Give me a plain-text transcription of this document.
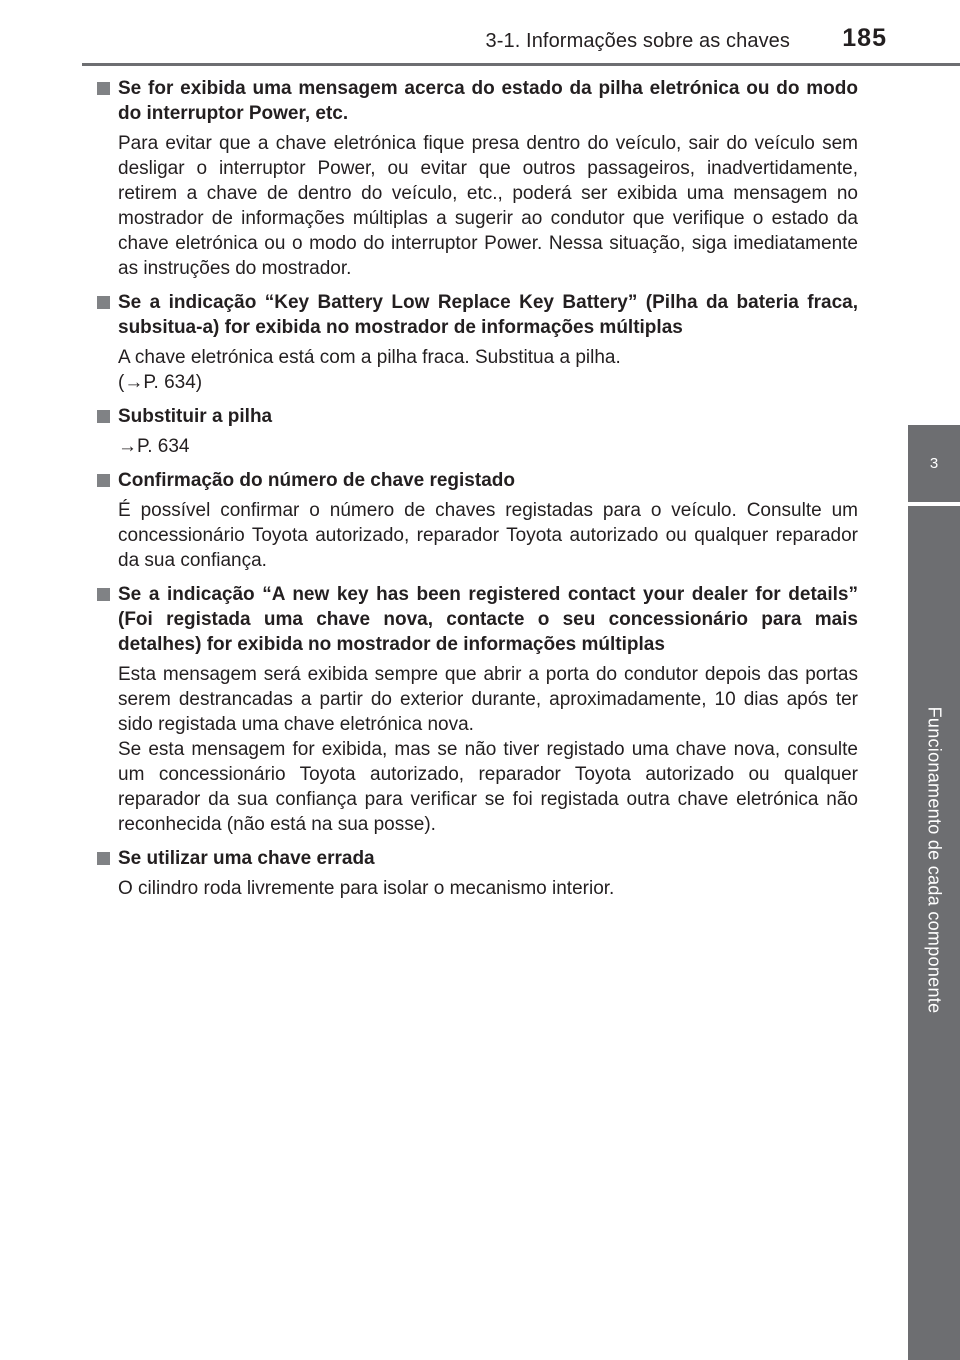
3-1. Informações sobre as chaves 185
3
Funcionamento de cada componente
Se for exibida uma mensagem acerca do estado da pilha eletrónica ou do modo do interruptor Power, etc.

Para evitar que a chave eletrónica fique presa dentro do veículo, sair do veículo sem desligar o interruptor Power, ou evitar que outros passageiros, inadvertidamente, retirem a chave de dentro do veículo, etc., poderá ser exibida uma mensagem no mostrador de informações múltiplas a sugerir ao condutor que verifique o estado da chave eletrónica ou o modo do interruptor Power. Nessa situação, siga imediatamente as instruções do mostrador.

Se a indicação “Key Battery Low Replace Key Battery” (Pilha da bateria fraca, subsitua-a) for exibida no mostrador de informações múltiplas

A chave eletrónica está com a pilha fraca. Substitua a pilha.

(→P. 634)

Substituir a pilha

→P. 634

Confirmação do número de chave registado

É possível confirmar o número de chaves registadas para o veículo. Consulte um concessionário Toyota autorizado, reparador Toyota autorizado ou qualquer reparador da sua confiança.

Se a indicação “A new key has been registered contact your dealer for details” (Foi registada uma chave nova, contacte o seu concessionário para mais detalhes) for exibida no mostrador de informações múltiplas

Esta mensagem será exibida sempre que abrir a porta do condutor depois das portas serem destrancadas a partir do exterior durante, aproximadamente, 10 dias após ter sido registada uma chave eletrónica nova.

Se esta mensagem for exibida, mas se não tiver registado uma chave nova, consulte um concessionário Toyota autorizado, reparador Toyota autorizado ou qualquer reparador da sua confiança para verificar se foi registada outra chave eletrónica não reconhecida (não está na sua posse).

Se utilizar uma chave errada

O cilindro roda livremente para isolar o mecanismo interior.
